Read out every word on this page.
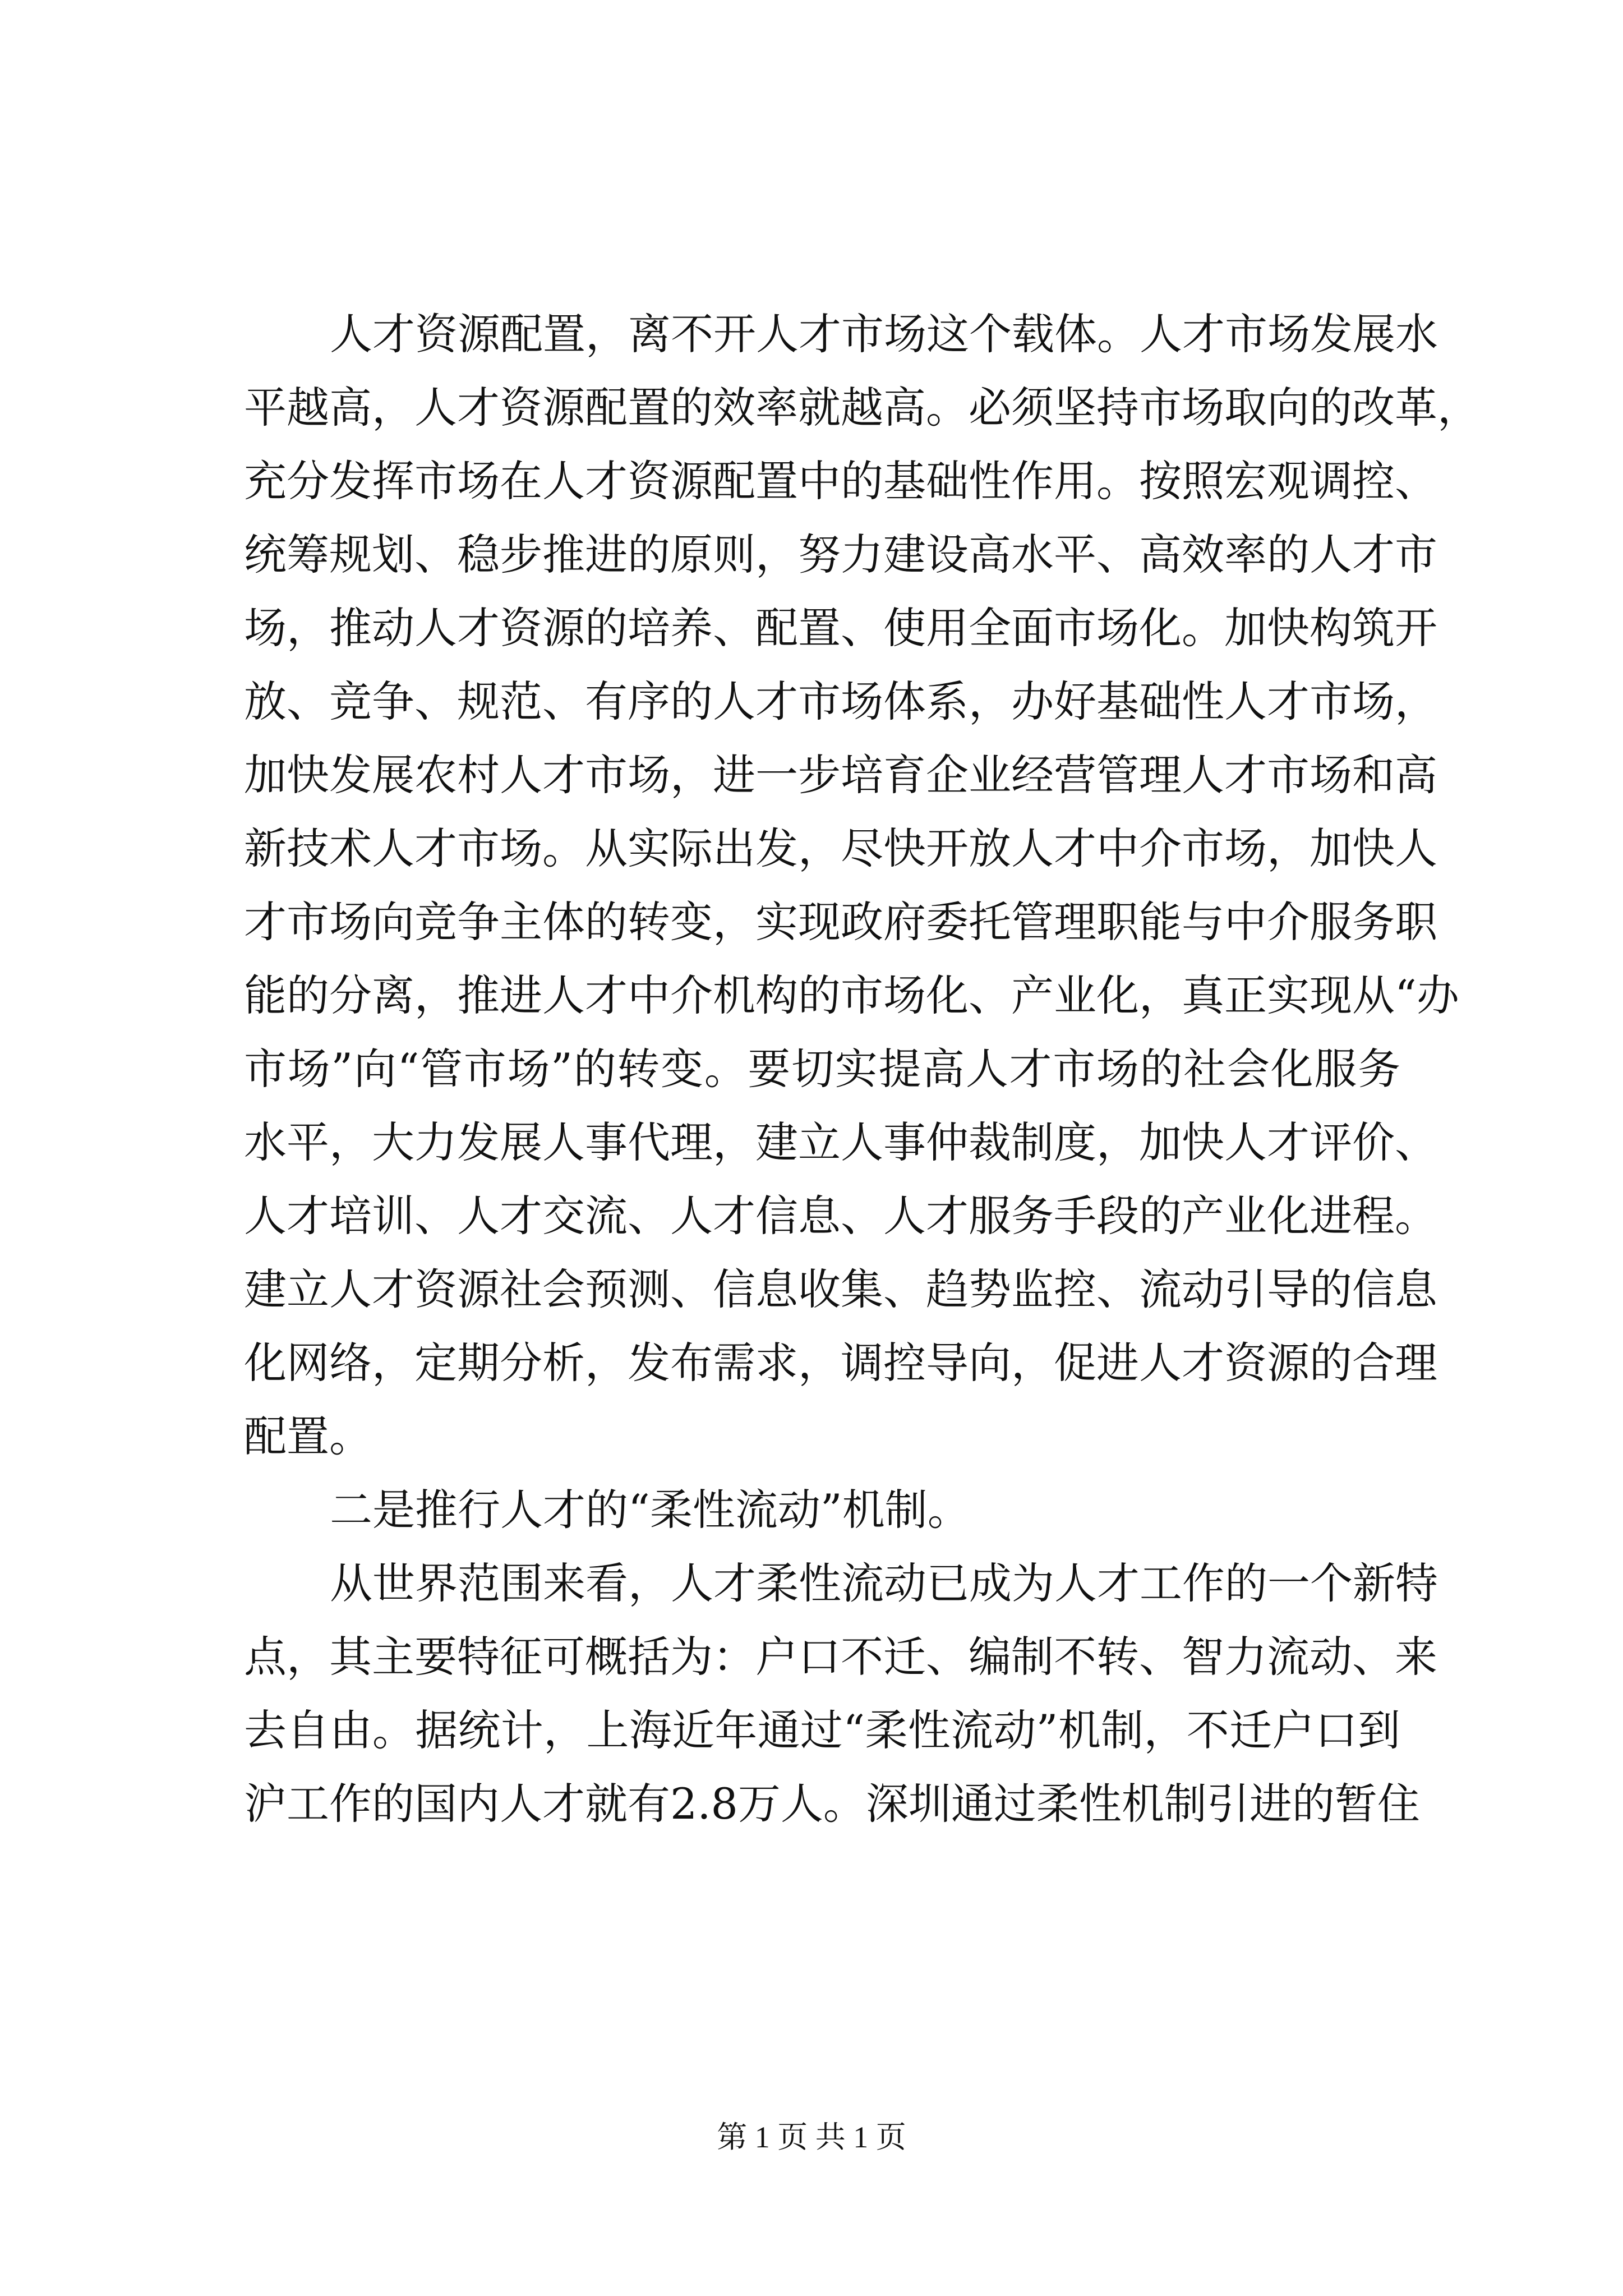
人才资源配置，离不开人才市场这个载体。人才市场发展水
平越高，人才资源配置的效率就越高。必须坚持市场取向的改革，
充分发挥市场在人才资源配置中的基础性作用。按照宏观调控、
统筹规划、稳步推进的原则，努力建设高水平、高效率的人才市
场，推动人才资源的培养、配置、使用全面市场化。加快构筑开
放、竞争、规范、有序的人才市场体系，办好基础性人才市场，
加快发展农村人才市场，进一步培育企业经营管理人才市场和高
新技术人才市场。从实际出发，尽快开放人才中介市场，加快人
才市场向竞争主体的转变，实现政府委托管理职能与中介服务职
能的分离，推进人才中介机构的市场化、产业化，真正实现从“办
市场”向“管市场”的转变。要切实提高人才市场的社会化服务
水平，大力发展人事代理，建立人事仲裁制度，加快人才评价、
人才培训、人才交流、人才信息、人才服务手段的产业化进程。
建立人才资源社会预测、信息收集、趋势监控、流动引导的信息
化网络，定期分析，发布需求，调控导向，促进人才资源的合理
配置。
二是推行人才的“柔性流动”机制。
从世界范围来看，人才柔性流动已成为人才工作的一个新特
点，其主要特征可概括为：户口不迁、编制不转、智力流动、来
去自由。据统计，上海近年通过“柔性流动”机制，不迁户口到
沪工作的国内人才就有2.8万人。深圳通过柔性机制引进的暂住
第 1 页 共 1 页
